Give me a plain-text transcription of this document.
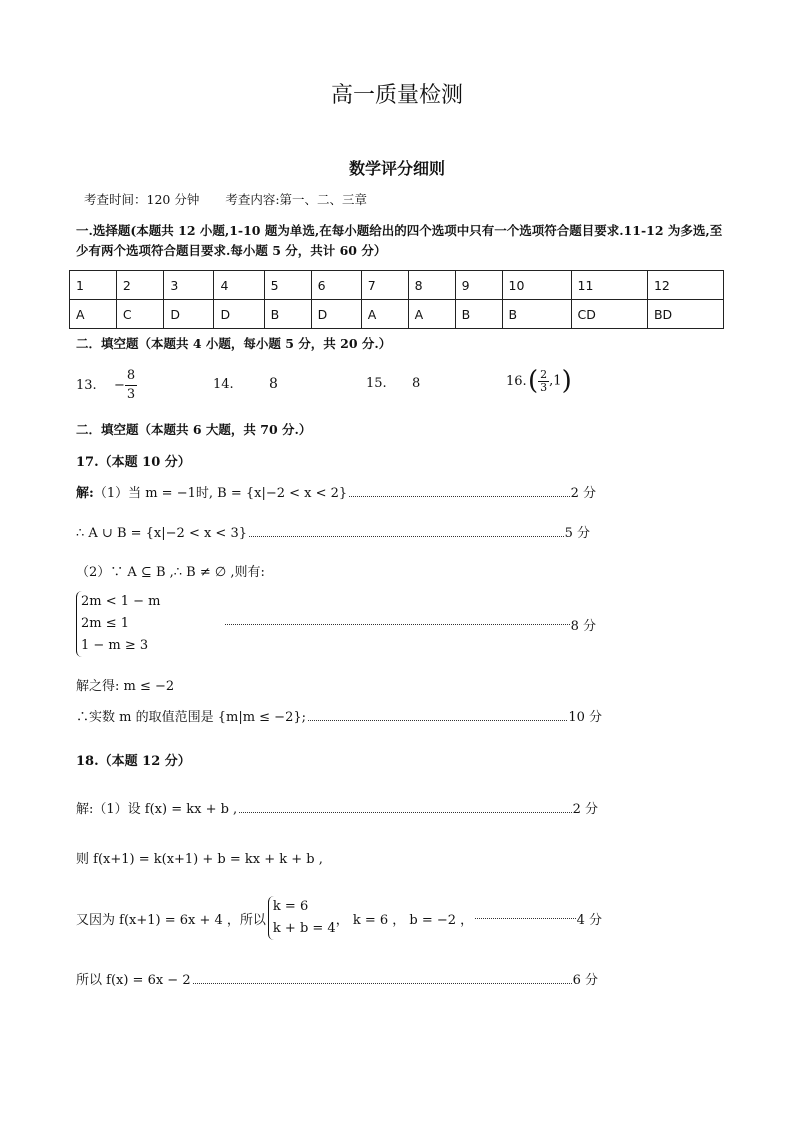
高一质量检测
数学评分细则
考查时间：120 分钟 考查内容:第一、二、三章
一.选择题(本题共 12 小题,1-10 题为单选,在每小题给出的四个选项中只有一个选项符合题目要求.11-12 为多选,至少有两个选项符合题目要求.每小题 5 分，共计 60 分）
1	2	3	4	5	6	7	8	9	10	11	12
A	C	D	D	B	D	A	A	B	B	CD	BD
二．填空题（本题共 4 小题，每小题 5 分，共 20 分.）
13. − $\frac{8}{3}$	14.	8	15. 8	$16.( \frac{2}{3} ,1)$
二．填空题（本题共 6 大题，共 70 分.）
17.（本题 10 分）
解:（1）当 m = −1时, B = {x|−2 < x < 2}	2 分
∴ A ∪ B = {x|−2 < x < 3}	5 分
（2）∵ A ⊆ B ,∴ B ≠ ∅ ,则有:
2m < 1 − m
2m ≤ 1
1 − m ≥ 3
8 分
解之得: m ≤ −2
∴实数 m 的取值范围是 {m|m ≤ −2};	10 分
18.（本题 12 分）
解:（1）设 f(x) = kx + b ,	2 分
则 f(x+1) = k(x+1) + b = kx + k + b ,
又因为 f(x+1) = 6x + 4 ，所以
k = 6
k + b = 4
， k = 6 ， b = −2 ，	4 分
所以 f(x) = 6x − 2	6 分
